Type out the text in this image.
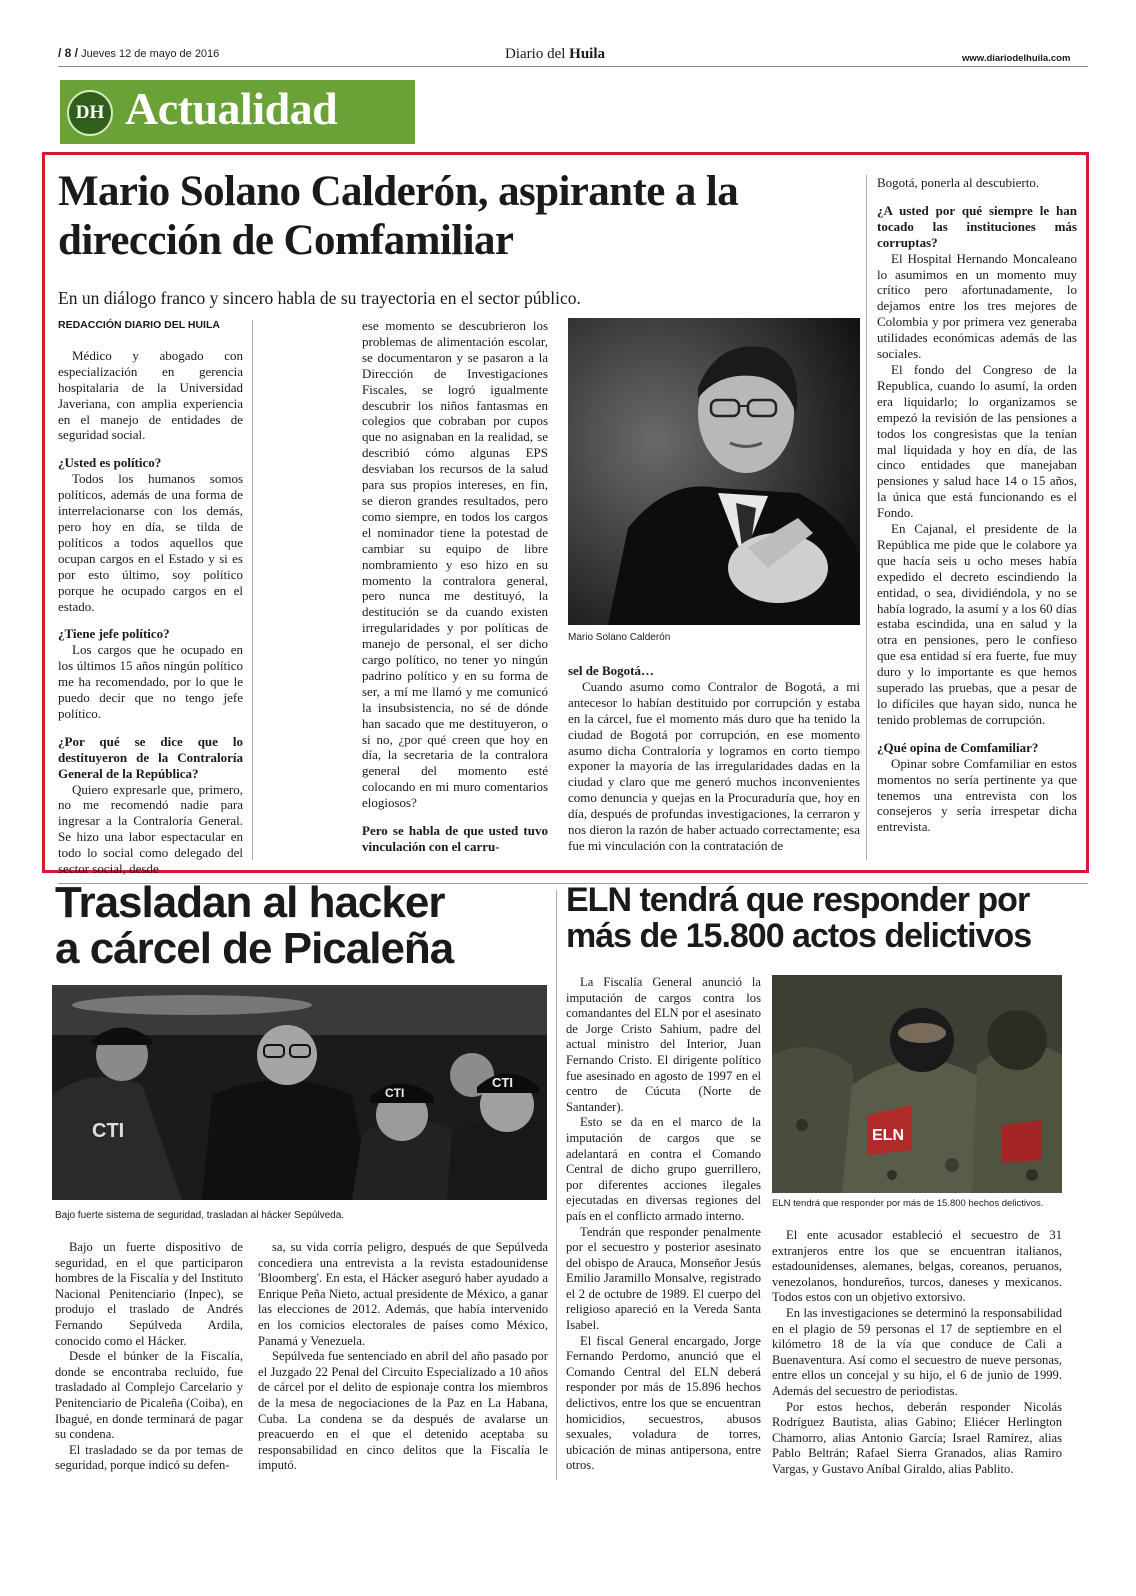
/ 8 / Jueves 12 de mayo de 2016	Diario del Huila	www.diariodelhuila.com
DH Actualidad
Mario Solano Calderón, aspirante a la dirección de Comfamiliar
En un diálogo franco y sincero habla de su trayectoria en el sector público.
REDACCIÓN DIARIO DEL HUILA

Médico y abogado con especialización en gerencia hospitalaria de la Universidad Javeriana, con amplia experiencia en el manejo de entidades de seguridad social.

¿Usted es político?

Todos los humanos somos políticos, además de una forma de interrelacionarse con los demás, pero hoy en día, se tilda de políticos a todos aquellos que ocupan cargos en el Estado y si es por esto último, soy político porque he ocupado cargos en el estado.

¿Tiene jefe político?

Los cargos que he ocupado en los últimos 15 años ningún político me ha recomendado, por lo que le puedo decir que no tengo jefe político.

¿Por qué se dice que lo destituyeron de la Contraloría General de la República?

Quiero expresarle que, primero, no me recomendó nadie para ingresar a la Contraloría General. Se hizo una labor espectacular en todo lo social como delegado del sector social, desde

ese momento se descubrieron los problemas de alimentación escolar, se documentaron y se pasaron a la Dirección de Investigaciones Fiscales, se logró igualmente descubrir los niños fantasmas en colegios que cobraban por cupos que no asignaban en la realidad, se describió cómo algunas EPS desviaban los recursos de la salud para sus propios intereses, en fin, se dieron grandes resultados, pero como siempre, en todos los cargos el nominador tiene la potestad de cambiar su equipo de libre nombramiento y eso hizo en su momento la contralora general, pero nunca me destituyó, la destitución se da cuando existen irregularidades y por políticas de manejo de personal, el ser dicho cargo político, no tener yo ningún padrino político y en su forma de ser, a mí me llamó y me comunicó la insubsistencia, no sé de dónde han sacado que me destituyeron, o si no, ¿por qué creen que hoy en día, la secretaria de la contralora general del momento esté colocando en mi muro comentarios elogiosos?

Pero se habla de que usted tuvo vinculación con el carru-

Mario Solano Calderón

sel de Bogotá…

Cuando asumo como Contralor de Bogotá, a mi antecesor lo habían destituido por corrupción y estaba en la cárcel, fue el momento más duro que ha tenido la ciudad de Bogotá por corrupción, en ese momento asumo dicha Contraloría y logramos en corto tiempo exponer la mayoría de las irregularidades dadas en la ciudad y claro que me generó muchos inconvenientes como denuncia y quejas en la Procuraduría que, hoy en día, después de profundas investigaciones, la cerraron y nos dieron la razón de haber actuado correctamente; esa fue mi vinculación con la contratación de

Bogotá, ponerla al descubierto.

¿A usted por qué siempre le han tocado las instituciones más corruptas?

El Hospital Hernando Moncaleano lo asumimos en un momento muy crítico pero afortunadamente, lo dejamos entre los tres mejores de Colombia y por primera vez generaba utilidades económicas además de las sociales.

El fondo del Congreso de la Republica, cuando lo asumí, la orden era liquidarlo; lo organizamos se empezó la revisión de las pensiones a todos los congresistas que la tenían mal liquidada y hoy en día, de las cinco entidades que manejaban pensiones y salud hace 14 o 15 años, la única que está funcionando es el Fondo.

En Cajanal, el presidente de la República me pide que le colabore ya que hacía seis u ocho meses había expedido el decreto escindiendo la entidad, o sea, dividiéndola, y no se había logrado, la asumí y a los 60 días estaba escindida, una en salud y la otra en pensiones, pero le confieso que esa entidad sí era fuerte, fue muy duro y lo importante es que hemos superado las pruebas, que a pesar de lo difíciles que hayan sido, nunca he tenido problemas de corrupción.

¿Qué opina de Comfamiliar?

Opinar sobre Comfamiliar en estos momentos no sería pertinente ya que tenemos una entrevista con los consejeros y sería irrespetar dicha entrevista.

Trasladan al hacker
a cárcel de Picaleña
CTI
CTI
CTI
Bajo fuerte sistema de seguridad, trasladan al hácker Sepúlveda.

Bajo un fuerte dispositivo de seguridad, en el que participaron hombres de la Fiscalía y del Instituto Nacional Penitenciario (Inpec), se produjo el traslado de Andrés Fernando Sepúlveda Ardila, conocido como el Hácker.

Desde el búnker de la Fiscalía, donde se encontraba recluido, fue trasladado al Complejo Carcelario y Penitenciario de Picaleña (Coiba), en Ibagué, en donde terminará de pagar su condena.

El trasladado se da por temas de seguridad, porque indicó su defen-

sa, su vida corría peligro, después de que Sepúlveda concediera una entrevista a la revista estadounidense 'Bloomberg'. En esta, el Hácker aseguró haber ayudado a Enrique Peña Nieto, actual presidente de México, a ganar las elecciones de 2012. Además, que había intervenido en los comicios electorales de países como México, Panamá y Venezuela.

Sepúlveda fue sentenciado en abril del año pasado por el Juzgado 22 Penal del Circuito Especializado a 10 años de cárcel por el delito de espionaje contra los miembros de la mesa de negociaciones de la Paz en La Habana, Cuba. La condena se da después de avalarse un preacuerdo en el que el detenido aceptaba su responsabilidad en cinco delitos que la Fiscalía le imputó.

ELN tendrá que responder por
más de 15.800 actos delictivos
ELN
ELN tendrá que responder por más de 15.800 hechos delictivos.

La Fiscalía General anunció la imputación de cargos contra los comandantes del ELN por el asesinato de Jorge Cristo Sahium, padre del actual ministro del Interior, Juan Fernando Cristo. El dirigente político fue asesinado en agosto de 1997 en el centro de Cúcuta (Norte de Santander).

Esto se da en el marco de la imputación de cargos que se adelantará en contra el Comando Central de dicho grupo guerrillero, por diferentes acciones ilegales ejecutadas en diversas regiones del país en el conflicto armado interno.

Tendrán que responder penalmente por el secuestro y posterior asesinato del obispo de Arauca, Monseñor Jesús Emilio Jaramillo Monsalve, registrado el 2 de octubre de 1989. El cuerpo del religioso apareció en la Vereda Santa Isabel.

El fiscal General encargado, Jorge Fernando Perdomo, anunció que el Comando Central del ELN deberá responder por más de 15.896 hechos delictivos, entre los que se encuentran homicidios, secuestros, abusos sexuales, voladura de torres, ubicación de minas antipersona, entre otros.

El ente acusador estableció el secuestro de 31 extranjeros entre los que se encuentran italianos, estadounidenses, alemanes, belgas, coreanos, peruanos, venezolanos, hondureños, turcos, daneses y mexicanos. Todos estos con un objetivo extorsivo.

En las investigaciones se determinó la responsabilidad en el plagio de 59 personas el 17 de septiembre en el kilómetro 18 de la vía que conduce de Cali a Buenaventura. Así como el secuestro de nueve personas, entre ellos un concejal y su hijo, el 6 de junio de 1999. Además del secuestro de periodistas.

Por estos hechos, deberán responder Nicolás Rodríguez Bautista, alias Gabino; Eliécer Herlington Chamorro, alias Antonio García; Israel Ramírez, alias Pablo Beltrán; Rafael Sierra Granados, alias Ramiro Vargas, y Gustavo Aníbal Giraldo, alias Pablito.
